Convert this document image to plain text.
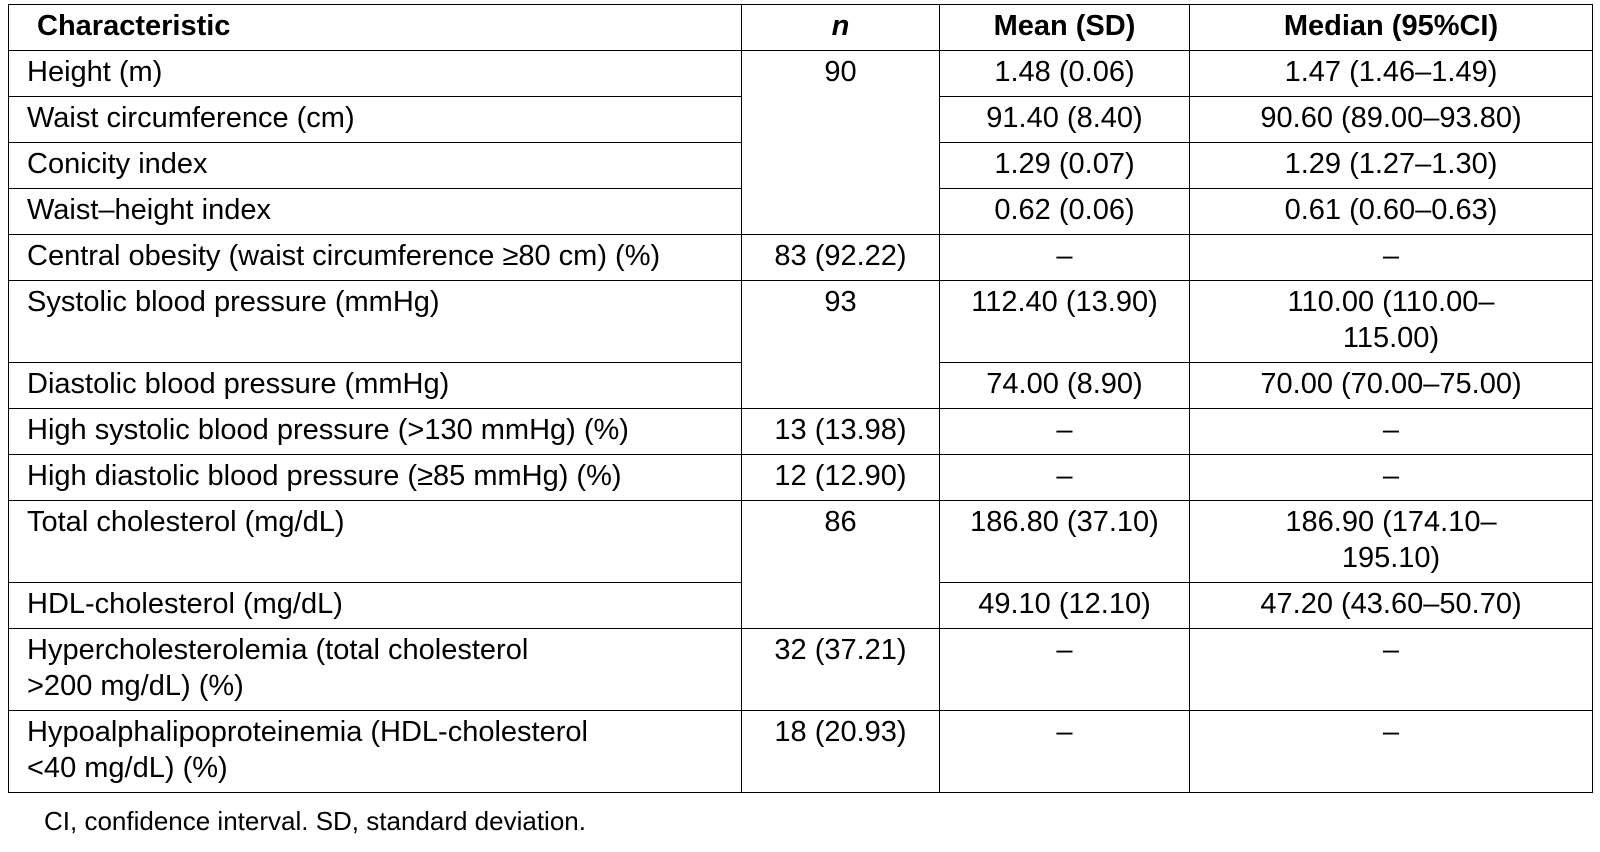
Characteristic	n	Mean (SD)	Median (95%CI)
Height (m)	90	1.48 (0.06)	1.47 (1.46–1.49)
Waist circumference (cm)		91.40 (8.40)	90.60 (89.00–93.80)
Conicity index		1.29 (0.07)	1.29 (1.27–1.30)
Waist–height index		0.62 (0.06)	0.61 (0.60–0.63)
Central obesity (waist circumference ≥80 cm) (%)	83 (92.22)	–	–
Systolic blood pressure (mmHg)	93	112.40 (13.90)	110.00 (110.00–
115.00)

Diastolic blood pressure (mmHg)		74.00 (8.90)	70.00 (70.00–75.00)
High systolic blood pressure (>130 mmHg) (%)	13 (13.98)	–	–
High diastolic blood pressure (≥85 mmHg) (%)	12 (12.90)	–	–
Total cholesterol (mg/dL)	86	186.80 (37.10)	186.90 (174.10–
195.10)

HDL-cholesterol (mg/dL)		49.10 (12.10)	47.20 (43.60–50.70)

Hypercholesterolemia (total cholesterol
>200 mg/dL) (%)	32 (37.21)	–	–

Hypoalphalipoproteinemia (HDL-cholesterol
<40 mg/dL) (%)	18 (20.93)	–	–
CI, confidence interval. SD, standard deviation.
